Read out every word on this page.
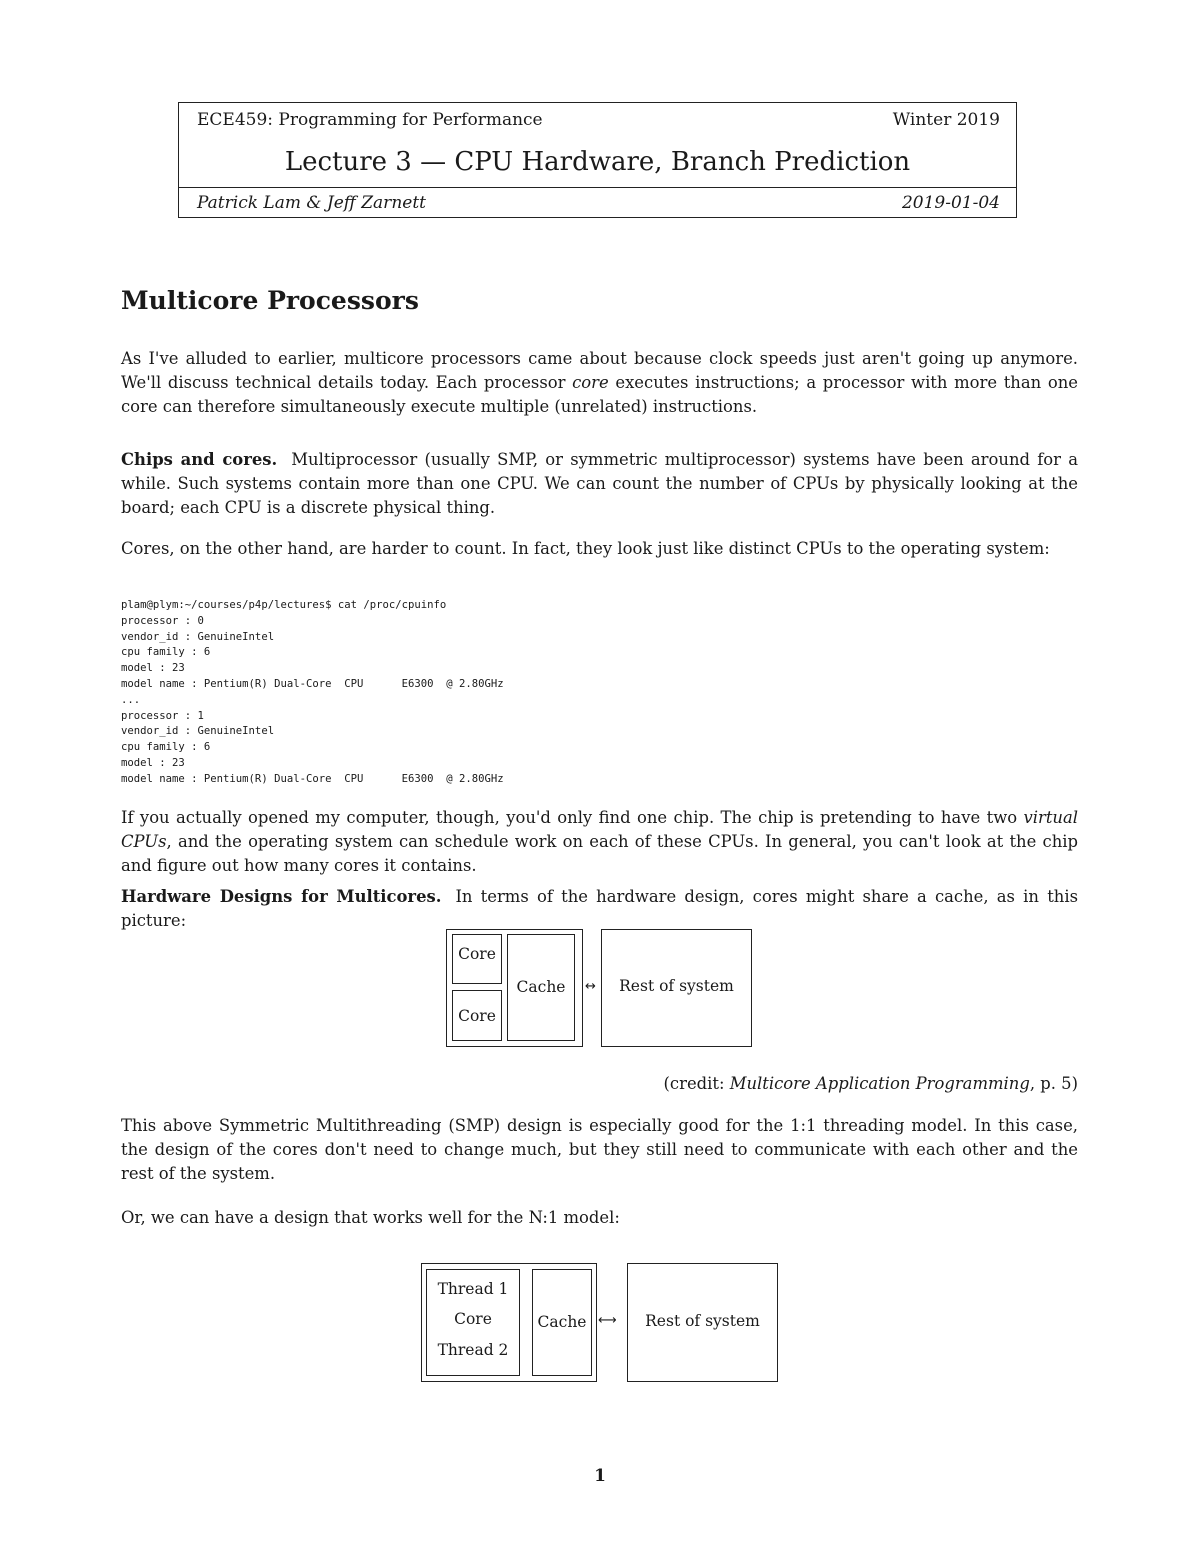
ECE459: Programming for Performance	Winter 2019
Lecture 3 — CPU Hardware, Branch Prediction
Patrick Lam & Jeff Zarnett	2019-01-04
Multicore Processors

As I've alluded to earlier, multicore processors came about because clock speeds just aren't going up anymore. We'll discuss technical details today. Each processor core executes instructions; a processor with more than one core can therefore simultaneously execute multiple (unrelated) instructions.

Chips and cores. Multiprocessor (usually SMP, or symmetric multiprocessor) systems have been around for a while. Such systems contain more than one CPU. We can count the number of CPUs by physically looking at the board; each CPU is a discrete physical thing.

Cores, on the other hand, are harder to count. In fact, they look just like distinct CPUs to the operating system:

plam@plym:~/courses/p4p/lectures$ cat /proc/cpuinfo
processor : 0
vendor_id : GenuineIntel
cpu family : 6
model : 23
model name : Pentium(R) Dual-Core  CPU      E6300  @ 2.80GHz
...
processor : 1
vendor_id : GenuineIntel
cpu family : 6
model : 23
model name : Pentium(R) Dual-Core  CPU      E6300  @ 2.80GHz

If you actually opened my computer, though, you'd only find one chip. The chip is pretending to have two virtual CPUs, and the operating system can schedule work on each of these CPUs. In general, you can't look at the chip and figure out how many cores it contains.

Hardware Designs for Multicores. In terms of the hardware design, cores might share a cache, as in this picture:

Core
Core
Cache	↔	Rest of system

(credit: Multicore Application Programming, p. 5)

This above Symmetric Multithreading (SMP) design is especially good for the 1:1 threading model. In this case, the design of the cores don't need to change much, but they still need to communicate with each other and the rest of the system.

Or, we can have a design that works well for the N:1 model:

Thread 1
Core
Thread 2
Cache ⟷	Rest of system
1
